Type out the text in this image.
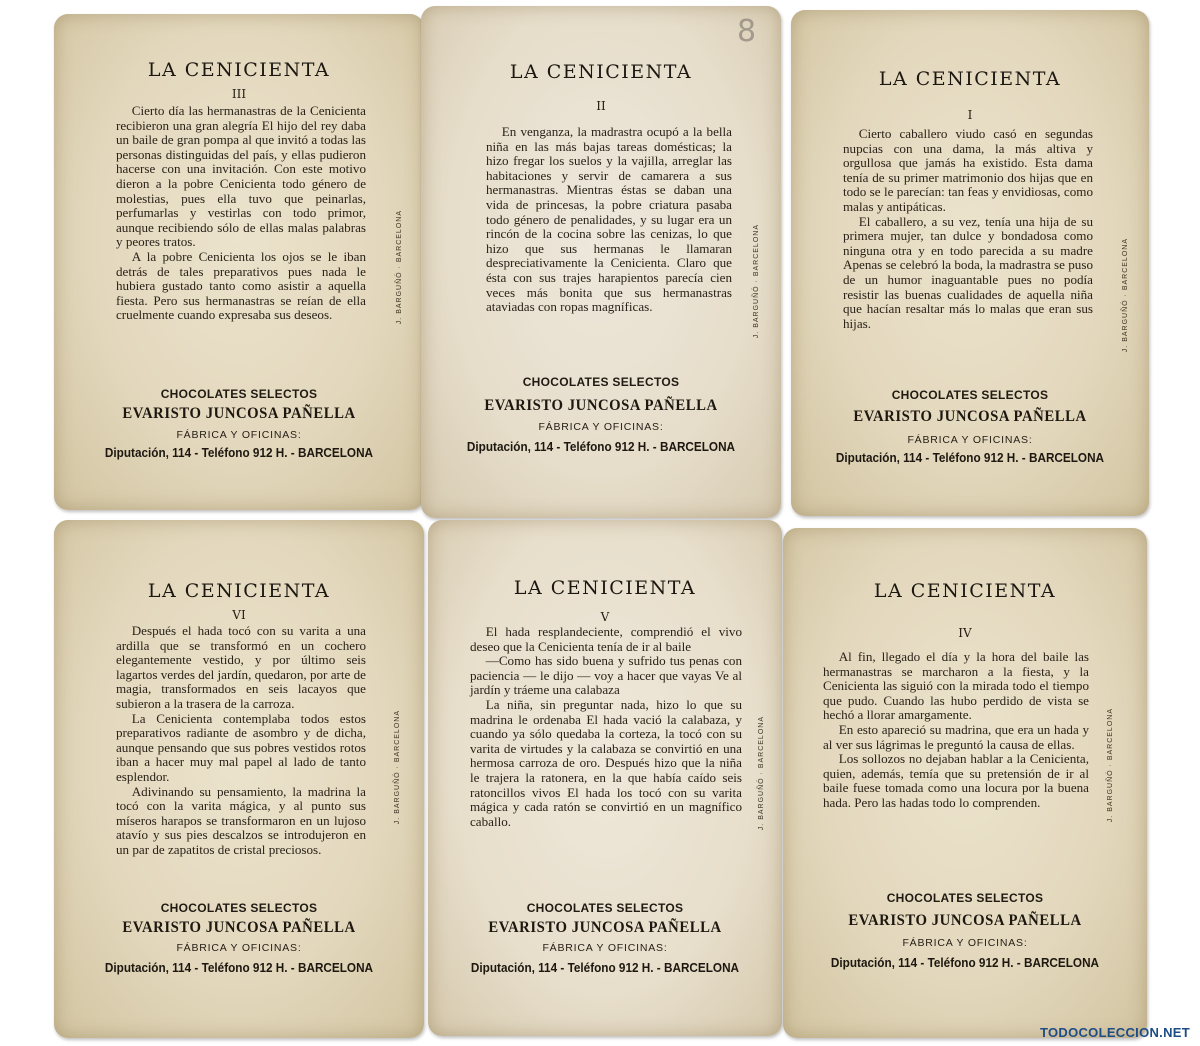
LA CENICIENTA
III

Cierto día las hermanastras de la Cenicienta recibieron una gran alegría El hijo del rey daba un baile de gran pompa al que invitó a todas las personas distinguidas del país, y ellas pudieron hacerse con una invitación. Con este motivo dieron a la pobre Cenicienta todo género de molestias, pues ella tuvo que peinarlas, perfumarlas y vestirlas con todo primor, aunque recibiendo sólo de ellas malas palabras y peores tratos.

A la pobre Cenicienta los ojos se le iban detrás de tales preparativos pues nada le hubiera gustado tanto como asistir a aquella fiesta. Pero sus hermanastras se reían de ella cruelmente cuando expresaba sus deseos.	J. BARGUÑÓ · BARCELONA
CHOCOLATES SELECTOS
EVARISTO JUNCOSA PAÑELLA
FÁBRICA Y OFICINAS:
Diputación, 114 - Teléfono 912 H. - BARCELONA
8
LA CENICIENTA
II

En venganza, la madrastra ocupó a la bella niña en las más bajas tareas domésticas; la hizo fregar los suelos y la vajilla, arreglar las habitaciones y servir de camarera a sus hermanastras. Mientras éstas se daban una vida de princesas, la pobre criatura pasaba todo género de penalidades, y su lugar era un rincón de la cocina sobre las cenizas, lo que hizo que sus hermanas le llamaran despreciativamente la Cenicienta. Claro que ésta con sus trajes harapientos parecía cien veces más bonita que sus hermanastras ataviadas con ropas magníficas.	J. BARGUÑÓ · BARCELONA
CHOCOLATES SELECTOS
EVARISTO JUNCOSA PAÑELLA
FÁBRICA Y OFICINAS:
Diputación, 114 - Teléfono 912 H. - BARCELONA
LA CENICIENTA
I

Cierto caballero viudo casó en segundas nupcias con una dama, la más altiva y orgullosa que jamás ha existido. Esta dama tenía de su primer matrimonio dos hijas que en todo se le parecían: tan feas y envidiosas, como malas y antipáticas.

El caballero, a su vez, tenía una hija de su primera mujer, tan dulce y bondadosa como ninguna otra y en todo parecida a su madre Apenas se celebró la boda, la madrastra se puso de un humor inaguantable pues no podía resistir las buenas cualidades de aquella niña que hacían resaltar más lo malas que eran sus hijas.	J. BARGUÑÓ · BARCELONA
CHOCOLATES SELECTOS
EVARISTO JUNCOSA PAÑELLA
FÁBRICA Y OFICINAS:
Diputación, 114 - Teléfono 912 H. - BARCELONA
LA CENICIENTA
VI

Después el hada tocó con su varita a una ardilla que se transformó en un cochero elegantemente vestido, y por último seis lagartos verdes del jardín, quedaron, por arte de magia, transformados en seis lacayos que subieron a la trasera de la carroza.

La Cenicienta contemplaba todos estos preparativos radiante de asombro y de dicha, aunque pensando que sus pobres vestidos rotos iban a hacer muy mal papel al lado de tanto esplendor.

Adivinando su pensamiento, la madrina la tocó con la varita mágica, y al punto sus míseros harapos se transformaron en un lujoso atavío y sus pies descalzos se introdujeron en un par de zapatitos de cristal preciosos.

J. BARGUÑÓ · BARCELONA
CHOCOLATES SELECTOS
EVARISTO JUNCOSA PAÑELLA
FÁBRICA Y OFICINAS:
Diputación, 114 - Teléfono 912 H. - BARCELONA
LA CENICIENTA
V

El hada resplandeciente, comprendió el vivo deseo que la Cenicienta tenía de ir al baile

—Como has sido buena y sufrido tus penas con paciencia — le dijo — voy a hacer que vayas Ve al jardín y tráeme una calabaza

La niña, sin preguntar nada, hizo lo que su madrina le ordenaba El hada vació la calabaza, y cuando ya sólo quedaba la corteza, la tocó con su varita de virtudes y la calabaza se convirtió en una hermosa carroza de oro. Después hizo que la niña le trajera la ratonera, en la que había caído seis ratoncillos vivos El hada los tocó con su varita mágica y cada ratón se convirtió en un magnífico caballo.	J. BARGUÑÓ · BARCELONA
CHOCOLATES SELECTOS
EVARISTO JUNCOSA PAÑELLA
FÁBRICA Y OFICINAS:
Diputación, 114 - Teléfono 912 H. - BARCELONA
LA CENICIENTA
IV

Al fin, llegado el día y la hora del baile las hermanastras se marcharon a la fiesta, y la Cenicienta las siguió con la mirada todo el tiempo que pudo. Cuando las hubo perdido de vista se hechó a llorar amargamente.

En esto apareció su madrina, que era un hada y al ver sus lágrimas le preguntó la causa de ellas.

Los sollozos no dejaban hablar a la Cenicienta, quien, además, temía que su pretensión de ir al baile fuese tomada como una locura por la buena hada. Pero las hadas todo lo comprenden.	J. BARGUÑÓ · BARCELONA
CHOCOLATES SELECTOS
EVARISTO JUNCOSA PAÑELLA
FÁBRICA Y OFICINAS:
Diputación, 114 - Teléfono 912 H. - BARCELONA
TODOCOLECCION.NET
